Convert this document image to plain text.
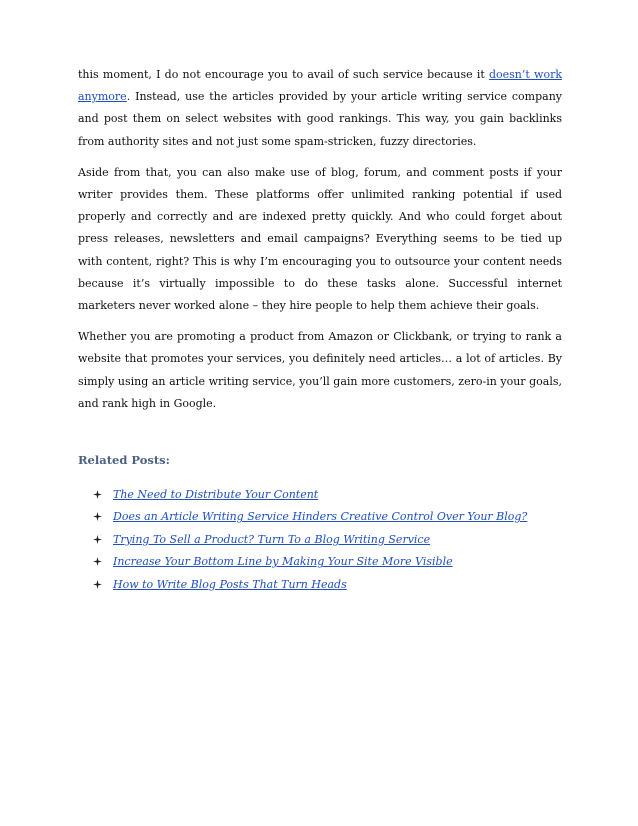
this moment, I do not encourage you to avail of such service because it doesn’t work anymore. Instead, use the articles provided by your article writing service company and post them on select websites with good rankings. This way, you gain backlinks from authority sites and not just some spam-stricken, fuzzy directories.

Aside from that, you can also make use of blog, forum, and comment posts if your writer provides them. These platforms offer unlimited ranking potential if used properly and correctly and are indexed pretty quickly. And who could forget about press releases, newsletters and email campaigns? Everything seems to be tied up with content, right? This is why I’m encouraging you to outsource your content needs because it’s virtually impossible to do these tasks alone. Successful internet marketers never worked alone – they hire people to help them achieve their goals.

Whether you are promoting a product from Amazon or Clickbank, or trying to rank a website that promotes your services, you definitely need articles… a lot of articles. By simply using an article writing service, you’ll gain more customers, zero-in your goals, and rank high in Google.

Related Posts:
The Need to Distribute Your Content
Does an Article Writing Service Hinders Creative Control Over Your Blog?
Trying To Sell a Product? Turn To a Blog Writing Service
Increase Your Bottom Line by Making Your Site More Visible
How to Write Blog Posts That Turn Heads
